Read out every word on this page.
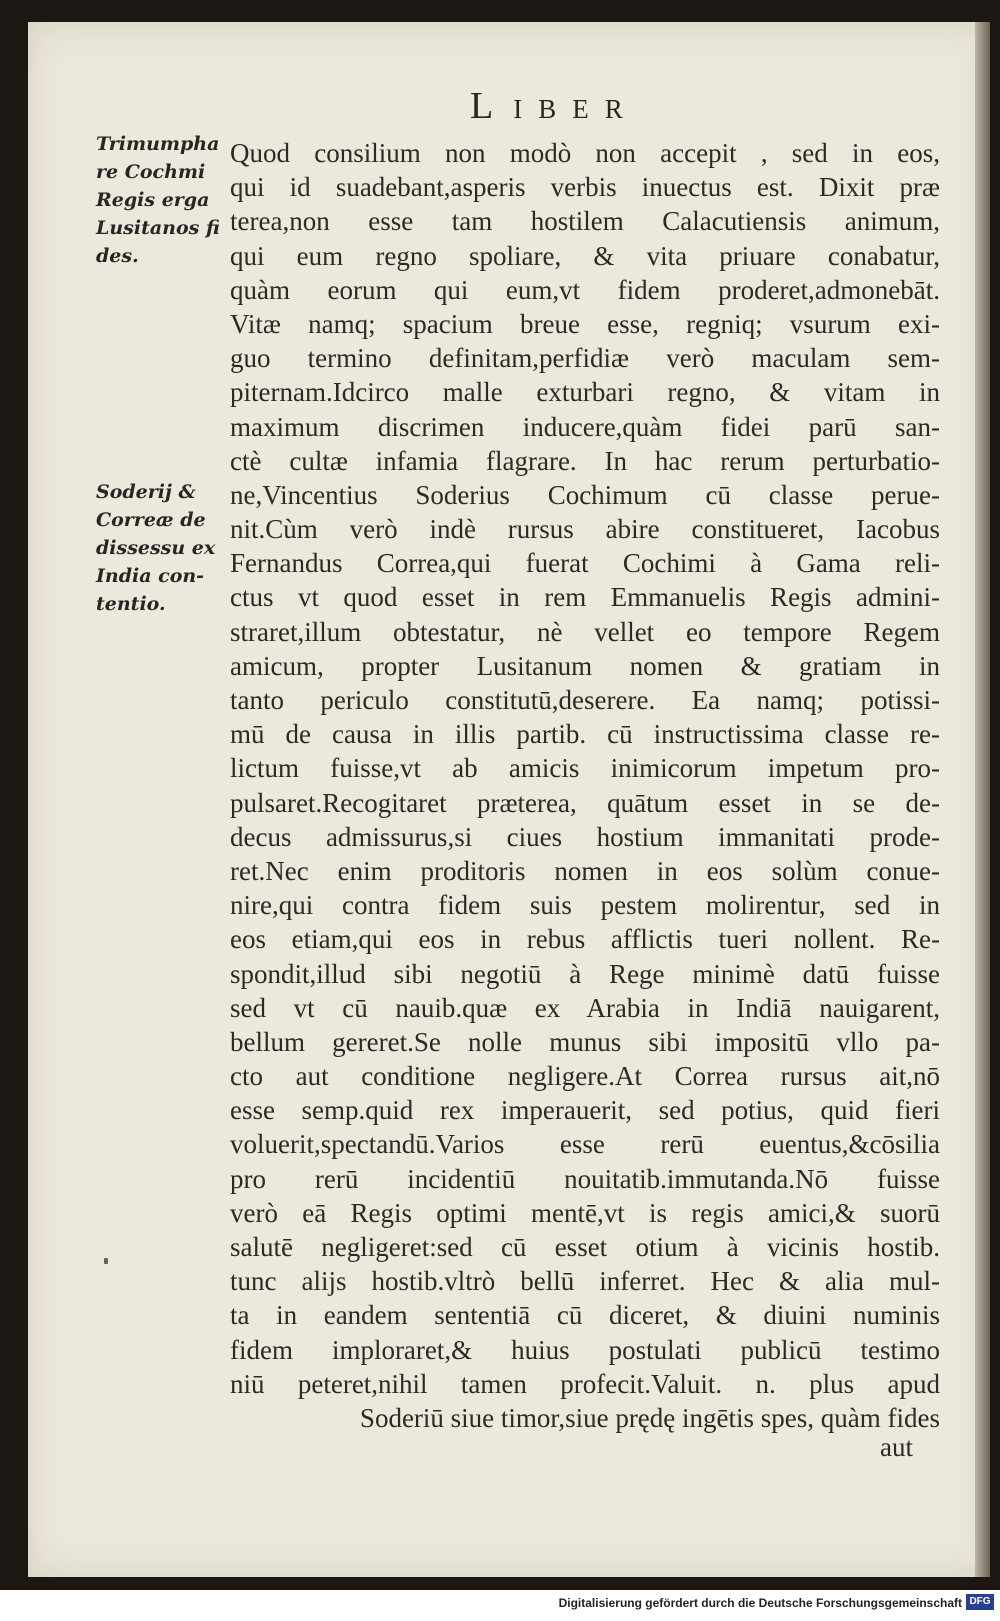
LIBER
Trimumpha
re Cochmi
Regis erga
Lusitanos fi
des.
Soderij &
Correæ de
dissessu ex
India con-
tentio.
Quod consilium non modò non accepit , sed in eos,
qui id suadebant,asperis verbis inuectus est. Dixit præ
terea,non esse tam hostilem Calacutiensis animum,
qui eum regno spoliare, & vita priuare conabatur,
quàm eorum qui eum,vt fidem proderet,admonebāt.
Vitæ namq; spacium breue esse, regniq; vsurum exi-
guo termino definitam,perfidiæ verò maculam sem-
piternam.Idcirco malle exturbari regno, & vitam in
maximum discrimen inducere,quàm fidei parū san-
ctè cultæ infamia flagrare. In hac rerum perturbatio-
ne,Vincentius Soderius Cochimum cū classe perue-
nit.Cùm verò indè rursus abire constitueret, Iacobus
Fernandus Correa,qui fuerat Cochimi à Gama reli-
ctus vt quod esset in rem Emmanuelis Regis admini-
straret,illum obtestatur, nè vellet eo tempore Regem
amicum, propter Lusitanum nomen & gratiam in
tanto periculo constitutū,deserere. Ea namq; potissi-
mū de causa in illis partib. cū instructissima classe re-
lictum fuisse,vt ab amicis inimicorum impetum pro-
pulsaret.Recogitaret præterea, quātum esset in se de-
decus admissurus,si ciues hostium immanitati prode-
ret.Nec enim proditoris nomen in eos solùm conue-
nire,qui contra fidem suis pestem molirentur, sed in
eos etiam,qui eos in rebus afflictis tueri nollent. Re-
spondit,illud sibi negotiū à Rege minimè datū fuisse
sed vt cū nauib.quæ ex Arabia in Indiā nauigarent,
bellum gereret.Se nolle munus sibi impositū vllo pa-
cto aut conditione negligere.At Correa rursus ait,nō
esse semp.quid rex imperauerit, sed potius, quid fieri
voluerit,spectandū.Varios esse rerū euentus,&cōsilia
pro rerū incidentiū nouitatib.immutanda.Nō fuisse
verò eā Regis optimi mentē,vt is regis amici,& suorū
salutē negligeret:sed cū esset otium à vicinis hostib.
tunc alijs hostib.vltrò bellū inferret. Hec & alia mul-
ta in eandem sententiā cū diceret, & diuini numinis
fidem imploraret,& huius postulati publicū testimo
niū peteret,nihil tamen profecit.Valuit. n. plus apud
Soderiū siue timor,siue prędę ingētis spes, quàm fides
aut
Digitalisierung gefördert durch die Deutsche Forschungsgemeinschaft DFG
